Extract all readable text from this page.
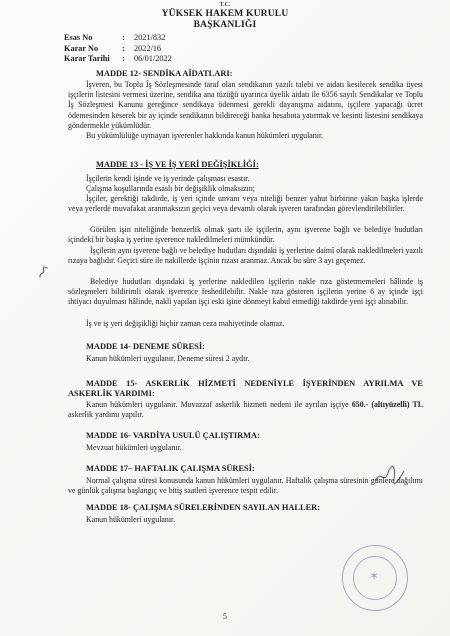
T.C.
YÜKSEK HAKEM KURULU
BAŞKANLIĞI
Esas No	:	2021/832
Karar No	:	2022/16
Karar Tarihi	:	06/01/2022
MADDE 12- SENDİKA AİDATLARI:
İşveren, bu Toplu İş Sözleşmesinde taraf olan sendikanın yazılı talebi ve aidatı kesilecek sendika üyesi işçilerin listesini vermesi üzerine, sendika ana tüzüğü uyarınca üyelik aidatı ile 6356 sayılı Sendikalar ve Toplu İş Sözleşmesi Kanunu gereğince sendikaya ödenmesi gerekli dayanışma aidatını, işçilere yapacağı ücret ödemesinden keserek bir ay içinde sendikanın bildireceği banka hesabına yatırmak ve kesinti listesini sendikaya göndermekle yükümlüdür.
Bu yükümlülüğe uymayan işverenler hakkında kanun hükümleri uygulanır.
MADDE 13 - İŞ VE İŞ YERİ DEĞİŞİKLİĞİ:
İşçilerin kendi işinde ve iş yerinde çalışması esastır.
Çalışma koşullarında esaslı bir değişiklik olmaksızın;
İşçiler, gerektiği takdirde, iş yeri içinde unvanı veya niteliği benzer yahut birbirine yakın başka işlerde veya yerlerde muvafakat aranmaksızın geçici veya devamlı olarak işveren tarafından görevlendirilebilirler.
Görülen işin niteliğinde benzerlik olmak şartı ile işçilerin, aynı işverene bağlı ve belediye hudutları içindeki bir başka iş yerine işverence nakledilmeleri mümkündür.
İşçilerin aynı işverene bağlı ve belediye hudutları dışındaki iş yerlerine daimî olarak nakledilmeleri yazılı rızaya bağlıdır. Geçici süre ile nakillerde işçinin rızası aranmaz. Ancak bu süre 3 ayı geçemez.
Belediye hudutları dışındaki iş yerlerine nakledilen işçilerin nakle rıza göstermemeleri hâlinde iş sözleşmeleri bildirimli olarak işverence feshedilebilir. Nakle rıza gösteren işçilerin yerine 6 ay içinde işçi ihtiyacı duyulması hâlinde, nakli yapılan işçi eski işine dönmeyi kabul etmediği takdirde yeni işçi alınabilir.
İş ve iş yeri değişikliği hiçbir zaman ceza mahiyetinde olamaz.
MADDE 14- DENEME SÜRESİ:
Kanun hükümleri uygulanır. Deneme süresi 2 aydır.
MADDE 15- ASKERLİK HİZMETİ NEDENİYLE İŞYERİNDEN AYRILMA VE ASKERLİK YARDIMI:
Kanun hükümleri uygulanır. Muvazzaf askerlik hizmeti nedeni ile ayrılan işçiye 650.- (altıyüzelli) TL askerlik yardımı yapılır.
MADDE 16- VARDİYA USULÜ ÇALIŞTIRMA:
Mevzuat hükümleri uygulanır.
MADDE 17– HAFTALIK ÇALIŞMA SÜRESİ:
Normal çalışma süresi konusunda kanun hükümleri uygulanır. Haftalık çalışma süresinin günlere dağılımı ve günlük çalışma başlangıç ve bitiş saatleri işverence tespit edilir.
MADDE 18- ÇALIŞMA SÜRELERİNDEN SAYILAN HALLER:
Kanun hükümleri uygulanır.
✶
5
